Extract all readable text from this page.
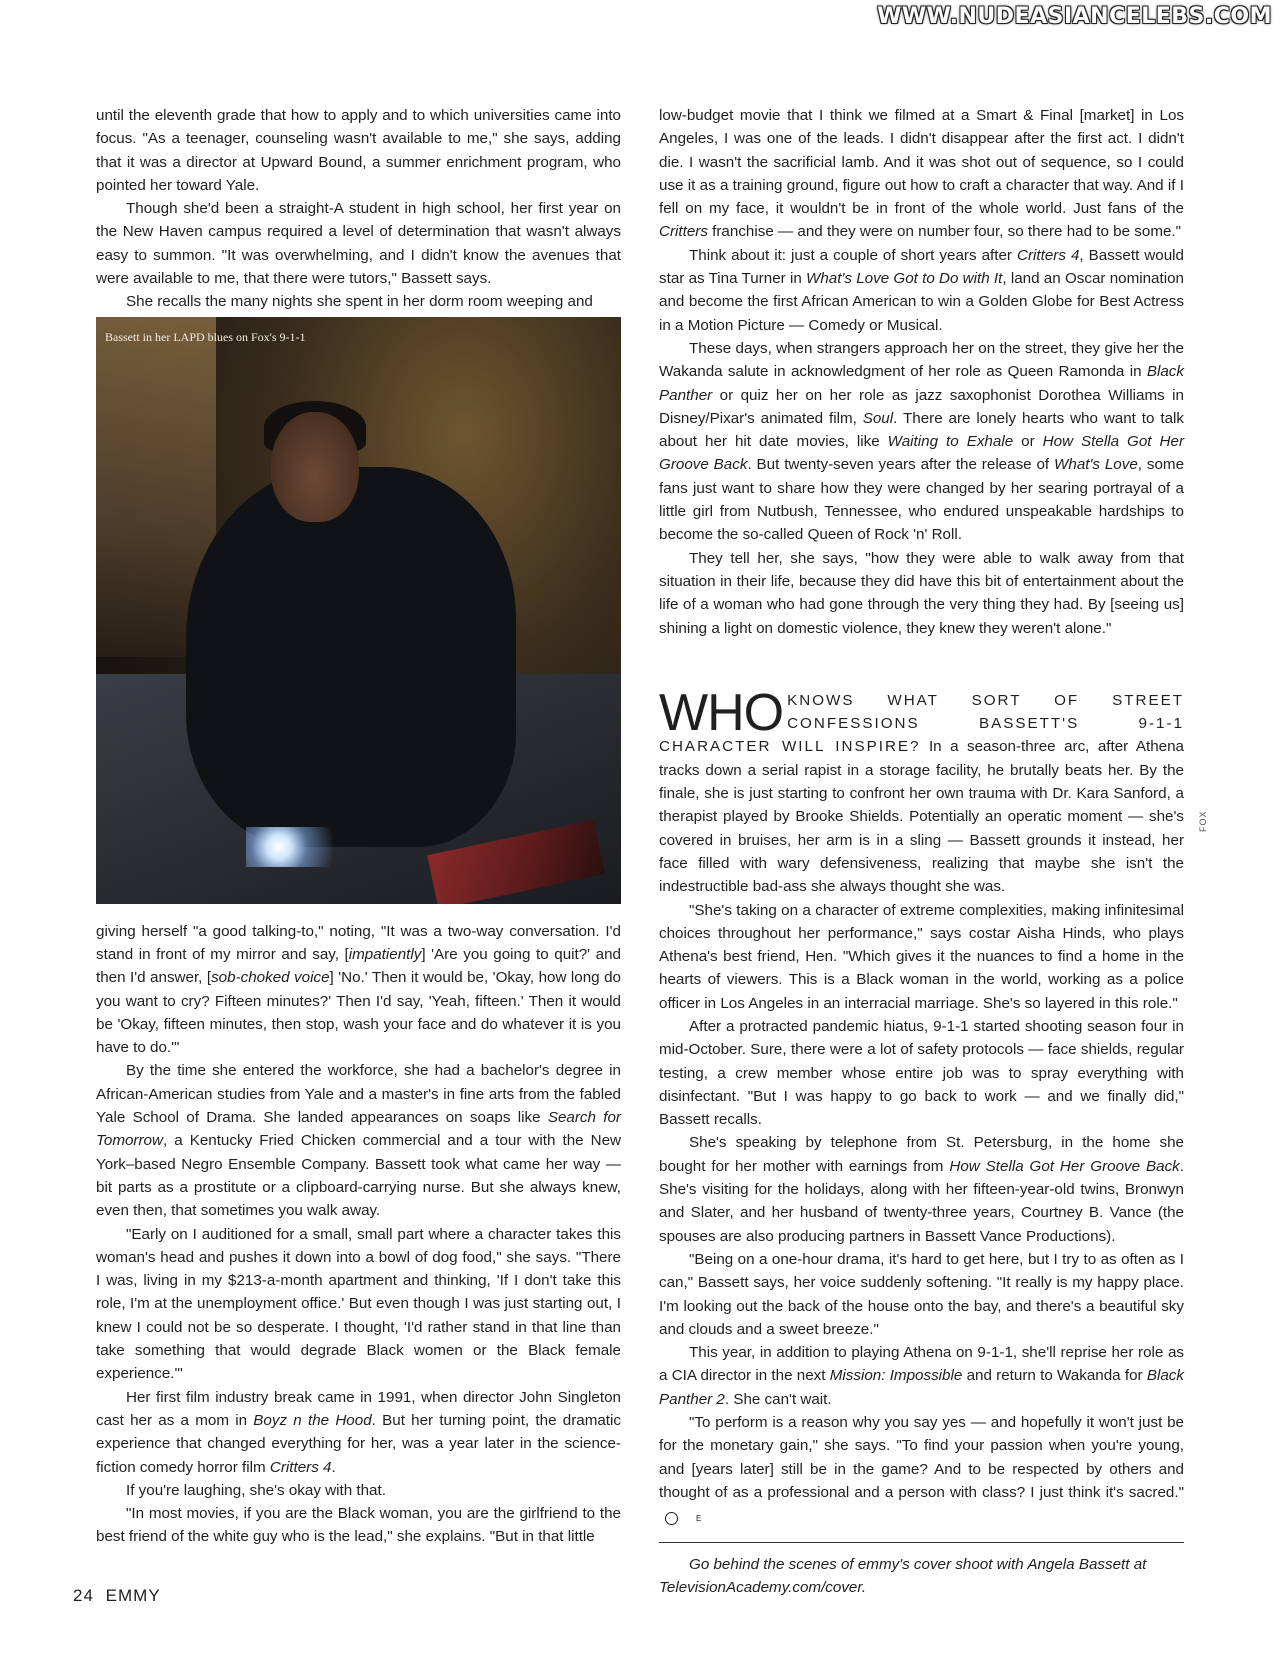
WWW.NUDEASIANCELEBS.COM

until the eleventh grade that how to apply and to which universities came into focus. "As a teenager, counseling wasn't available to me," she says, adding that it was a director at Upward Bound, a summer enrichment program, who pointed her toward Yale.

Though she'd been a straight-A student in high school, her first year on the New Haven campus required a level of determination that wasn't always easy to summon. "It was overwhelming, and I didn't know the avenues that were available to me, that there were tutors," Bassett says.

She recalls the many nights she spent in her dorm room weeping and

Bassett in her LAPD blues on Fox's 9-1-1

giving herself "a good talking-to," noting, "It was a two-way conversation. I'd stand in front of my mirror and say, [impatiently] 'Are you going to quit?' and then I'd answer, [sob-choked voice] 'No.' Then it would be, 'Okay, how long do you want to cry? Fifteen minutes?' Then I'd say, 'Yeah, fifteen.' Then it would be 'Okay, fifteen minutes, then stop, wash your face and do whatever it is you have to do.'"

By the time she entered the workforce, she had a bachelor's degree in African-American studies from Yale and a master's in fine arts from the fabled Yale School of Drama. She landed appearances on soaps like Search for Tomorrow, a Kentucky Fried Chicken commercial and a tour with the New York–based Negro Ensemble Company. Bassett took what came her way — bit parts as a prostitute or a clipboard-carrying nurse. But she always knew, even then, that sometimes you walk away.

"Early on I auditioned for a small, small part where a character takes this woman's head and pushes it down into a bowl of dog food," she says. "There I was, living in my $213-a-month apartment and thinking, 'If I don't take this role, I'm at the unemployment office.' But even though I was just starting out, I knew I could not be so desperate. I thought, 'I'd rather stand in that line than take something that would degrade Black women or the Black female experience.'"

Her first film industry break came in 1991, when director John Singleton cast her as a mom in Boyz n the Hood. But her turning point, the dramatic experience that changed everything for her, was a year later in the science-fiction comedy horror film Critters 4.

If you're laughing, she's okay with that.

"In most movies, if you are the Black woman, you are the girlfriend to the best friend of the white guy who is the lead," she explains. "But in that little

FOX

low-budget movie that I think we filmed at a Smart & Final [market] in Los Angeles, I was one of the leads. I didn't disappear after the first act. I didn't die. I wasn't the sacrificial lamb. And it was shot out of sequence, so I could use it as a training ground, figure out how to craft a character that way. And if I fell on my face, it wouldn't be in front of the whole world. Just fans of the Critters franchise — and they were on number four, so there had to be some."

Think about it: just a couple of short years after Critters 4, Bassett would star as Tina Turner in What's Love Got to Do with It, land an Oscar nomination and become the first African American to win a Golden Globe for Best Actress in a Motion Picture — Comedy or Musical.

These days, when strangers approach her on the street, they give her the Wakanda salute in acknowledgment of her role as Queen Ramonda in Black Panther or quiz her on her role as jazz saxophonist Dorothea Williams in Disney/Pixar's animated film, Soul. There are lonely hearts who want to talk about her hit date movies, like Waiting to Exhale or How Stella Got Her Groove Back. But twenty-seven years after the release of What's Love, some fans just want to share how they were changed by her searing portrayal of a little girl from Nutbush, Tennessee, who endured unspeakable hardships to become the so-called Queen of Rock 'n' Roll.

They tell her, she says, "how they were able to walk away from that situation in their life, because they did have this bit of entertainment about the life of a woman who had gone through the very thing they had. By [seeing us] shining a light on domestic violence, they knew they weren't alone."

WHO KNOWS WHAT SORT OF STREET CONFESSIONS BASSETT'S 9-1-1 CHARACTER WILL INSPIRE? In a season-three arc, after Athena tracks down a serial rapist in a storage facility, he brutally beats her. By the finale, she is just starting to confront her own trauma with Dr. Kara Sanford, a therapist played by Brooke Shields. Potentially an operatic moment — she's covered in bruises, her arm is in a sling — Bassett grounds it instead, her face filled with wary defensiveness, realizing that maybe she isn't the indestructible bad-ass she always thought she was.

"She's taking on a character of extreme complexities, making infinitesimal choices throughout her performance," says costar Aisha Hinds, who plays Athena's best friend, Hen. "Which gives it the nuances to find a home in the hearts of viewers. This is a Black woman in the world, working as a police officer in Los Angeles in an interracial marriage. She's so layered in this role."

After a protracted pandemic hiatus, 9-1-1 started shooting season four in mid-October. Sure, there were a lot of safety protocols — face shields, regular testing, a crew member whose entire job was to spray everything with disinfectant. "But I was happy to go back to work — and we finally did," Bassett recalls.

She's speaking by telephone from St. Petersburg, in the home she bought for her mother with earnings from How Stella Got Her Groove Back. She's visiting for the holidays, along with her fifteen-year-old twins, Bronwyn and Slater, and her husband of twenty-three years, Courtney B. Vance (the spouses are also producing partners in Bassett Vance Productions).

"Being on a one-hour drama, it's hard to get here, but I try to as often as I can," Bassett says, her voice suddenly softening. "It really is my happy place. I'm looking out the back of the house onto the bay, and there's a beautiful sky and clouds and a sweet breeze."

This year, in addition to playing Athena on 9-1-1, she'll reprise her role as a CIA director in the next Mission: Impossible and return to Wakanda for Black Panther 2. She can't wait.

"To perform is a reason why you say yes — and hopefully it won't just be for the monetary gain," she says. "To find your passion when you're young, and [years later] still be in the game? And to be respected by others and thought of as a professional and a person with class? I just think it's sacred."E

Go behind the scenes of emmy's cover shoot with Angela Bassett at TelevisionAcademy.com/cover.

24 EMMY
